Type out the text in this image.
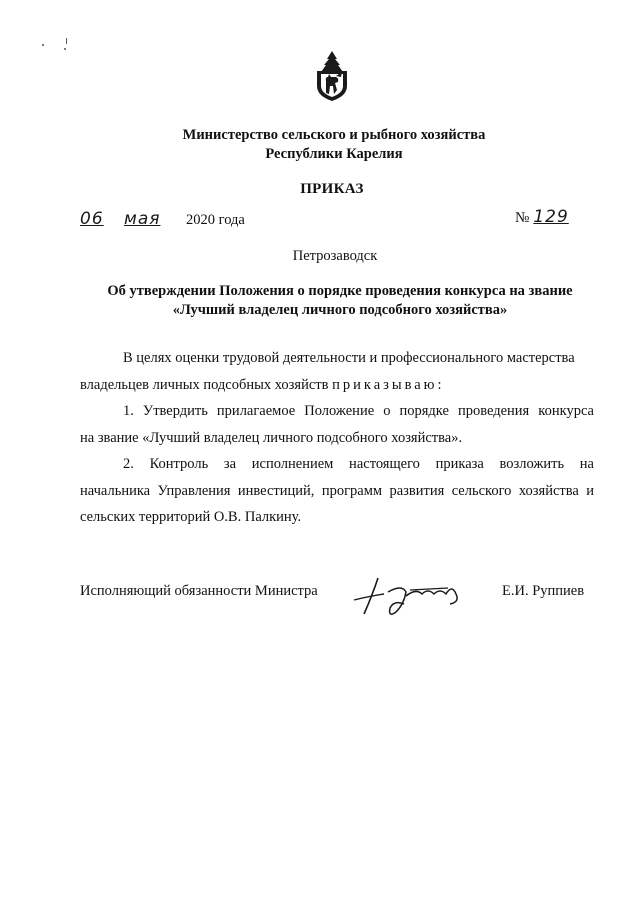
Министерство сельского и рыбного хозяйства
Республики Карелия
ПРИКАЗ
06 мая 2020 года	№ 129
Петрозаводск
Об утверждении Положения о порядке проведения конкурса на звание
«Лучший владелец личного подсобного хозяйства»

В целях оценки трудовой деятельности и профессионального мастерства
владельцев личных подсобных хозяйств приказываю:

1. Утвердить прилагаемое Положение о порядке проведения конкурса

на звание «Лучший владелец личного подсобного хозяйства».

2. Контроль за исполнением настоящего приказа возложить на

начальника Управления инвестиций, программ развития сельского хозяйства и

сельских территорий О.В. Палкину.

Исполняющий обязанности Министра	Е.И. Руппиев
